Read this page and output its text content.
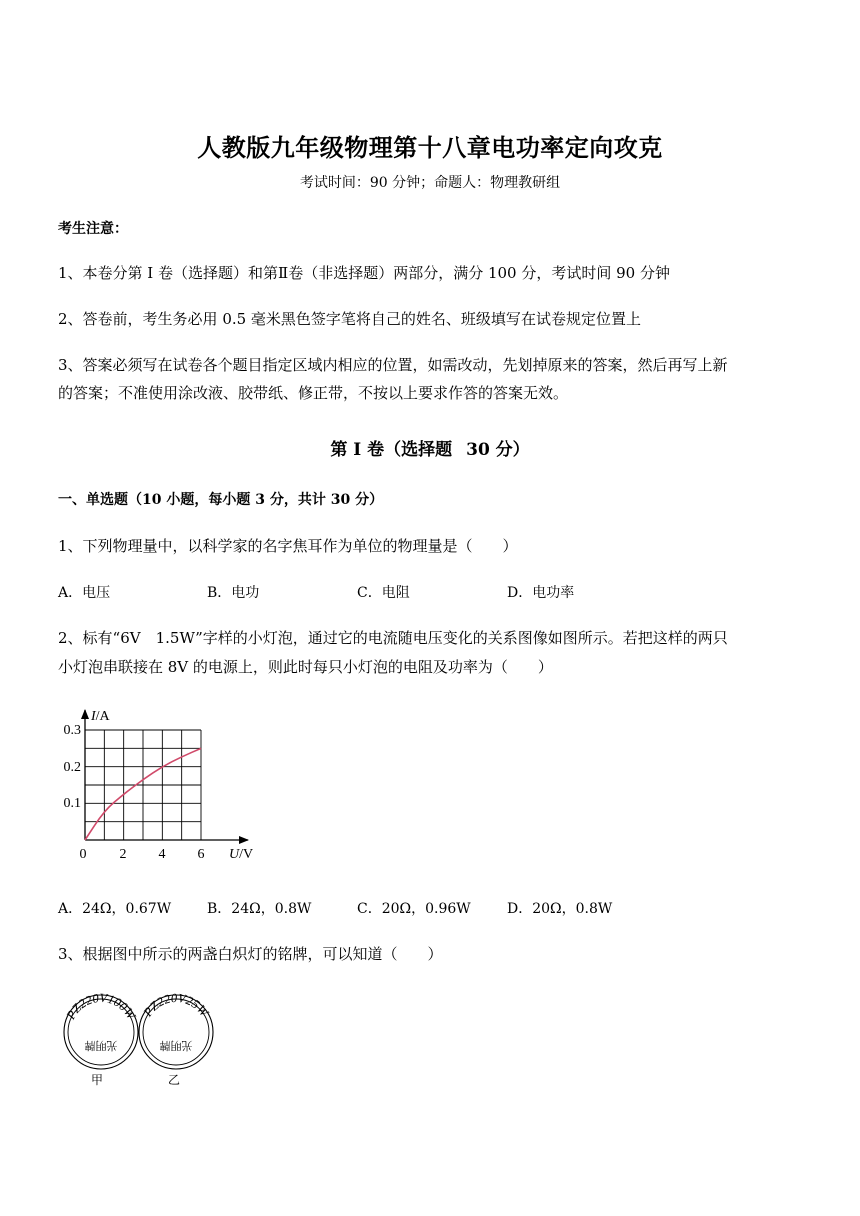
人教版九年级物理第十八章电功率定向攻克

考试时间：90 分钟；命题人：物理教研组

考生注意：

1、本卷分第 I 卷（选择题）和第Ⅱ卷（非选择题）两部分，满分 100 分，考试时间 90 分钟

2、答卷前，考生务必用 0.5 毫米黑色签字笔将自己的姓名、班级填写在试卷规定位置上

3、答案必须写在试卷各个题目指定区域内相应的位置，如需改动，先划掉原来的答案，然后再写上新

的答案；不准使用涂改液、胶带纸、修正带，不按以上要求作答的答案无效。

第 I 卷（选择题 30 分）

一、单选题（10 小题，每小题 3 分，共计 30 分）

1、下列物理量中，以科学家的名字焦耳作为单位的物理量是（　　）

A．电压	B．电功	C．电阻	D．电功率

2、标有“6V　1.5W”字样的小灯泡，通过它的电流随电压变化的关系图像如图所示。若把这样的两只

小灯泡串联接在 8V 的电源上，则此时每只小灯泡的电阻及功率为（　　）

I/A
U/V
0.3
0.2
0.1
0 2 4 6
A．24Ω，0.67W	B．24Ω，0.8W	C．20Ω，0.96W	D．20Ω，0.8W

3、根据图中所示的两盏白炽灯的铭牌，可以知道（　　）

PZ220V100W
光明牌
甲
PZ220V25W
光明牌
乙
